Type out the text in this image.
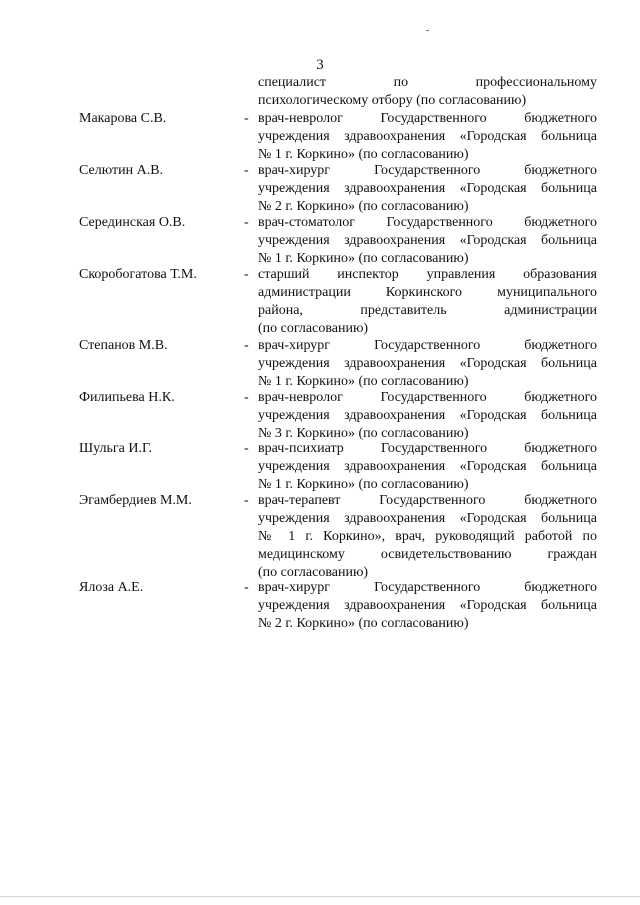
3
специалист по профессиональному
психологическому отбору (по согласованию)
Макарова С.В.	- врач-невролог Государственного бюджетного
учреждения здравоохранения «Городская больница
№ 1 г. Коркино» (по согласованию)
Селютин А.В.	- врач-хирург Государственного бюджетного
учреждения здравоохранения «Городская больница
№ 2 г. Коркино» (по согласованию)
Серединская О.В.	- врач-стоматолог Государственного бюджетного
учреждения здравоохранения «Городская больница
№ 1 г. Коркино» (по согласованию)
Скоробогатова Т.М.	- старший инспектор управления образования
администрации Коркинского муниципального
района, представитель администрации
(по согласованию)
Степанов М.В.	- врач-хирург Государственного бюджетного
учреждения здравоохранения «Городская больница
№ 1 г. Коркино» (по согласованию)
Филипьева Н.К.	- врач-невролог Государственного бюджетного
учреждения здравоохранения «Городская больница
№ 3 г. Коркино» (по согласованию)
Шульга И.Г.	- врач-психиатр Государственного бюджетного
учреждения здравоохранения «Городская больница
№ 1 г. Коркино» (по согласованию)
Эгамбердиев М.М.	- врач-терапевт Государственного бюджетного
учреждения здравоохранения «Городская больница
№ 1 г. Коркино», врач, руководящий работой по
медицинскому освидетельствованию граждан
(по согласованию)
Ялоза А.Е.	- врач-хирург Государственного бюджетного
учреждения здравоохранения «Городская больница
№ 2 г. Коркино» (по согласованию)
